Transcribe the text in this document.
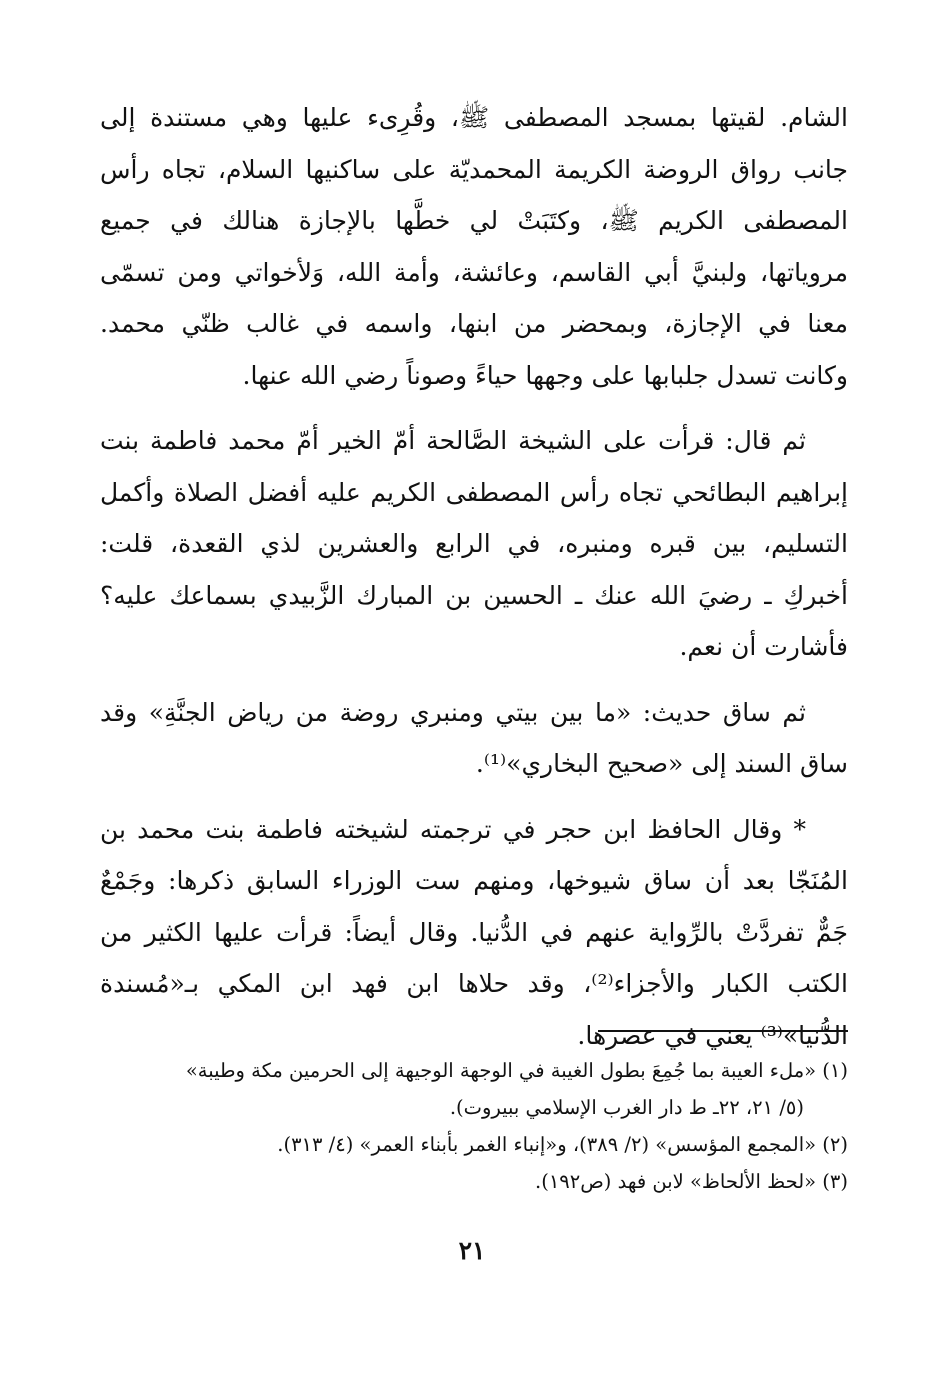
الشام. لقيتها بمسجد المصطفى ﷺ، وقُرِىء عليها وهي مستندة إلى
جانب رواق الروضة الكريمة المحمديّة على ساكنيها السلام، تجاه رأس
المصطفى الكريم ﷺ، وكتَبَتْ لي خطَّها بالإجازة هنالك في جميع
مروياتها، ولبنيَّ أبي القاسم، وعائشة، وأمة الله، وَلأخواتي ومن تسمّى
معنا في الإجازة، وبمحضر من ابنها، واسمه في غالب ظنّي محمد.
وكانت تسدل جلبابها على وجهها حياءً وصوناً رضي الله عنها.
ثم قال: قرأت على الشيخة الصَّالحة أمّ الخير أمّ محمد فاطمة بنت
إبراهيم البطائحي تجاه رأس المصطفى الكريم عليه أفضل الصلاة وأكمل
التسليم، بين قبره ومنبره، في الرابع والعشرين لذي القعدة، قلت:
أخبركِ ـ رضيَ الله عنك ـ الحسين بن المبارك الزَّبيدي بسماعك عليه؟
فأشارت أن نعم.
ثم ساق حديث: «ما بين بيتي ومنبري روضة من رياض الجنَّةِ» وقد
ساق السند إلى «صحيح البخاري»⁽¹⁾.
* وقال الحافظ ابن حجر في ترجمته لشيخته فاطمة بنت محمد بن
المُنَجّا بعد أن ساق شيوخها، ومنهم ست الوزراء السابق ذكرها: وجَمْعٌ
جَمٌّ تفردَّتْ بالرِّواية عنهم في الدُّنيا. وقال أيضاً: قرأت عليها الكثير من
الكتب الكبار والأجزاء⁽²⁾، وقد حلاها ابن فهد ابن المكي بـ«مُسندة
الدُّنيا»⁽³⁾ يعني في عصرها.
(١) «ملء العيبة بما جُمِعَ بطول الغيبة في الوجهة الوجيهة إلى الحرمين مكة وطيبة»
(٥/ ٢١، ٢٢ـ ط دار الغرب الإسلامي ببيروت).
(٢) «المجمع المؤسس» (٢/ ٣٨٩)، و«إنباء الغمر بأبناء العمر» (٤/ ٣١٣).
(٣) «لحظ الألحاظ» لابن فهد (ص١٩٢).
٢١
